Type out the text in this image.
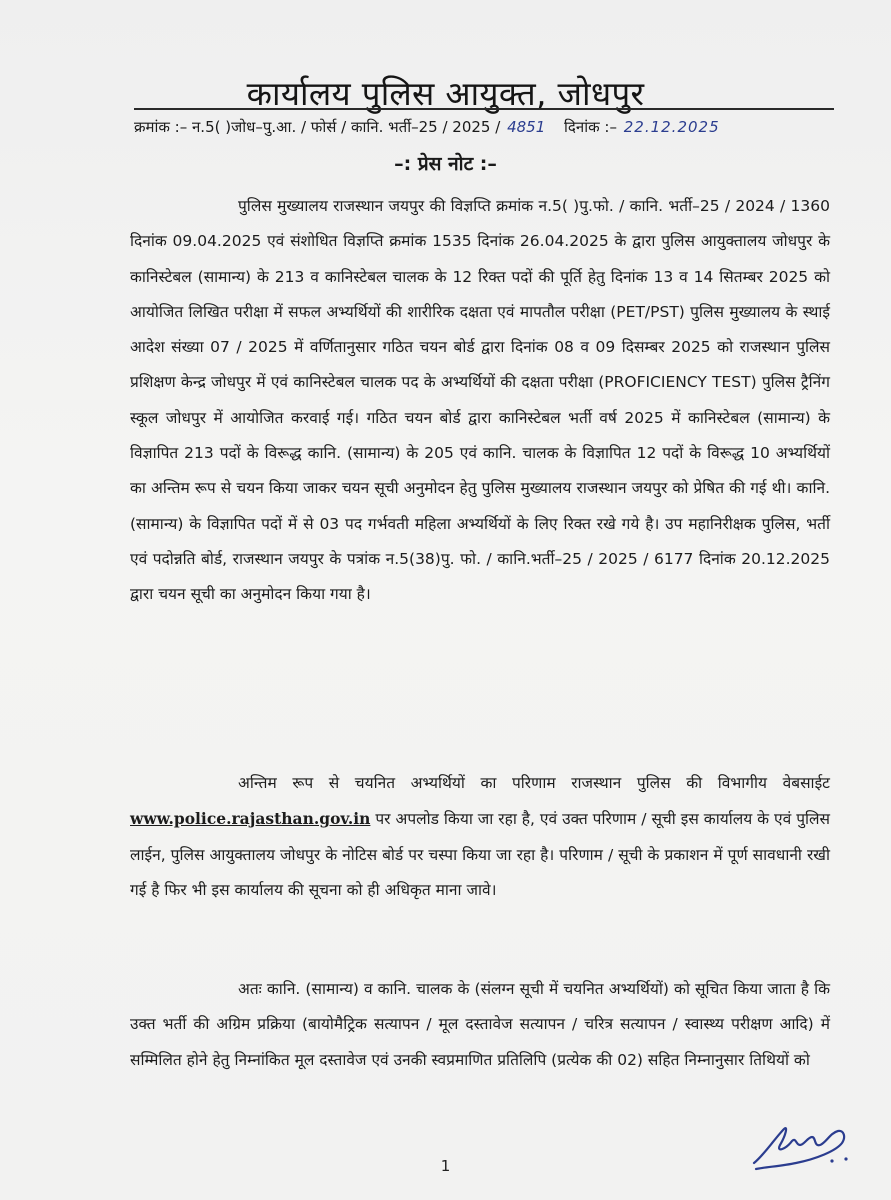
कार्यालय पुलिस आयुक्त, जोधपुर
क्रमांक :– न.5( )जोध–पु.आ. / फोर्स / कानि. भर्ती–25 / 2025 / 4851 दिनांक :– 22.12.2025
–: प्रेस नोट :–
पुलिस मुख्यालय राजस्थान जयपुर की विज्ञप्ति क्रमांक न.5( )पु.फो. / कानि. भर्ती–25 / 2024 / 1360 दिनांक 09.04.2025 एवं संशोधित विज्ञप्ति क्रमांक 1535 दिनांक 26.04.2025 के द्वारा पुलिस आयुक्तालय जोधपुर के कानिस्टेबल (सामान्य) के 213 व कानिस्टेबल चालक के 12 रिक्त पदों की पूर्ति हेतु दिनांक 13 व 14 सितम्बर 2025 को आयोजित लिखित परीक्षा में सफल अभ्यर्थियों की शारीरिक दक्षता एवं मापतौल परीक्षा (PET/PST) पुलिस मुख्यालय के स्थाई आदेश संख्या 07 / 2025 में वर्णितानुसार गठित चयन बोर्ड द्वारा दिनांक 08 व 09 दिसम्बर 2025 को राजस्थान पुलिस प्रशिक्षण केन्द्र जोधपुर में एवं कानिस्टेबल चालक पद के अभ्यर्थियों की दक्षता परीक्षा (PROFICIENCY TEST) पुलिस ट्रैनिंग स्कूल जोधपुर में आयोजित करवाई गई। गठित चयन बोर्ड द्वारा कानिस्टेबल भर्ती वर्ष 2025 में कानिस्टेबल (सामान्य) के विज्ञापित 213 पदों के विरूद्ध कानि. (सामान्य) के 205 एवं कानि. चालक के विज्ञापित 12 पदों के विरूद्ध 10 अभ्यर्थियों का अन्तिम रूप से चयन किया जाकर चयन सूची अनुमोदन हेतु पुलिस मुख्यालय राजस्थान जयपुर को प्रेषित की गई थी। कानि. (सामान्य) के विज्ञापित पदों में से 03 पद गर्भवती महिला अभ्यर्थियों के लिए रिक्त रखे गये है। उप महानिरीक्षक पुलिस, भर्ती एवं पदोन्नति बोर्ड, राजस्थान जयपुर के पत्रांक न.5(38)पु. फो. / कानि.भर्ती–25 / 2025 / 6177 दिनांक 20.12.2025 द्वारा चयन सूची का अनुमोदन किया गया है।
अन्तिम रूप से चयनित अभ्यर्थियों का परिणाम राजस्थान पुलिस की विभागीय वेबसाईट www.police.rajasthan.gov.in पर अपलोड किया जा रहा है, एवं उक्त परिणाम / सूची इस कार्यालय के एवं पुलिस लाईन, पुलिस आयुक्तालय जोधपुर के नोटिस बोर्ड पर चस्पा किया जा रहा है। परिणाम / सूची के प्रकाशन में पूर्ण सावधानी रखी गई है फिर भी इस कार्यालय की सूचना को ही अधिकृत माना जावे।
अतः कानि. (सामान्य) व कानि. चालक के (संलग्न सूची में चयनित अभ्यर्थियों) को सूचित किया जाता है कि उक्त भर्ती की अग्रिम प्रक्रिया (बायोमैट्रिक सत्यापन / मूल दस्तावेज सत्यापन / चरित्र सत्यापन / स्वास्थ्य परीक्षण आदि) में सम्मिलित होने हेतु निम्नांकित मूल दस्तावेज एवं उनकी स्वप्रमाणित प्रतिलिपि (प्रत्येक की 02) सहित निम्नानुसार तिथियों को
1
